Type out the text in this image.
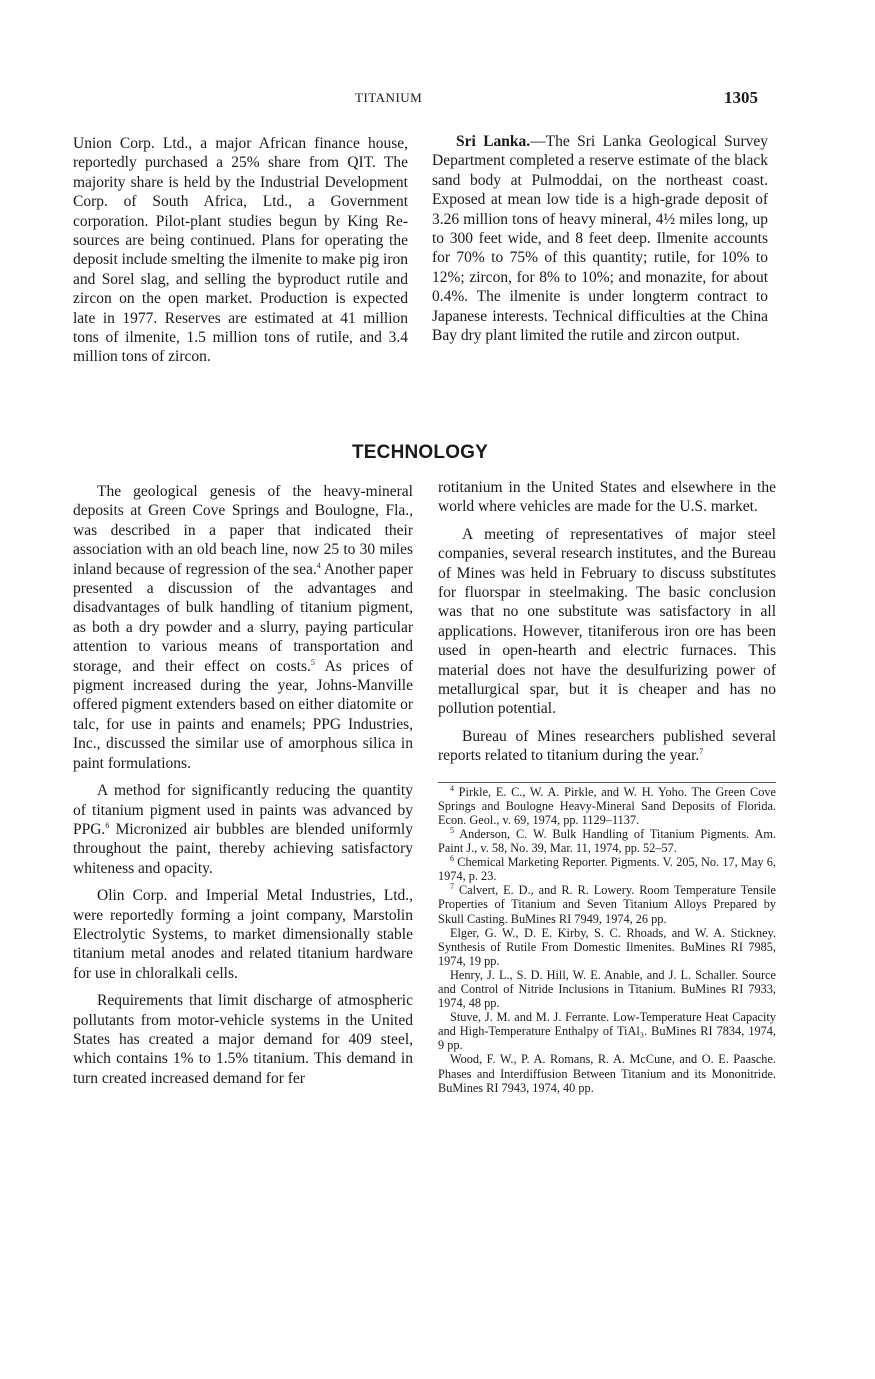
TITANIUM	1305

Union Corp. Ltd., a major African finance house, reportedly purchased a 25% share from QIT. The majority share is held by the Industrial Development Corp. of South Africa, Ltd., a Government corporation. Pilot-plant studies begun by King Resources are being continued. Plans for operating the deposit include smelting the ilmenite to make pig iron and Sorel slag, and selling the byproduct rutile and zircon on the open market. Production is expected late in 1977. Reserves are estimated at 41 million tons of ilmenite, 1.5 million tons of rutile, and 3.4 million tons of zircon.

Sri Lanka.—The Sri Lanka Geological Survey Department completed a reserve estimate of the black sand body at Pulmoddai, on the northeast coast. Exposed at mean low tide is a high-grade deposit of 3.26 million tons of heavy mineral, 4½ miles long, up to 300 feet wide, and 8 feet deep. Ilmenite accounts for 70% to 75% of this quantity; rutile, for 10% to 12%; zircon, for 8% to 10%; and monazite, for about 0.4%. The ilmenite is under longterm contract to Japanese interests. Technical difficulties at the China Bay dry plant limited the rutile and zircon output.

TECHNOLOGY

The geological genesis of the heavy-mineral deposits at Green Cove Springs and Boulogne, Fla., was described in a paper that indicated their association with an old beach line, now 25 to 30 miles inland because of regression of the sea.$^4$ Another paper presented a discussion of the advantages and disadvantages of bulk handling of titanium pigment, as both a dry powder and a slurry, paying particular attention to various means of transportation and storage, and their effect on costs.$^5$ As prices of pigment increased during the year, Johns-Manville offered pigment extenders based on either diatomite or talc, for use in paints and enamels; PPG Industries, Inc., discussed the similar use of amorphous silica in paint formulations.

A method for significantly reducing the quantity of titanium pigment used in paints was advanced by PPG.$^6$ Micronized air bubbles are blended uniformly throughout the paint, thereby achieving satisfactory whiteness and opacity.

Olin Corp. and Imperial Metal Industries, Ltd., were reportedly forming a joint company, Marstolin Electrolytic Systems, to market dimensionally stable titanium metal anodes and related titanium hardware for use in chloralkali cells.

Requirements that limit discharge of atmospheric pollutants from motor-vehicle systems in the United States has created a major demand for 409 steel, which contains 1% to 1.5% titanium. This demand in turn created increased demand for fer

rotitanium in the United States and elsewhere in the world where vehicles are made for the U.S. market.

A meeting of representatives of major steel companies, several research institutes, and the Bureau of Mines was held in February to discuss substitutes for fluorspar in steelmaking. The basic conclusion was that no one substitute was satisfactory in all applications. However, titaniferous iron ore has been used in open-hearth and electric furnaces. This material does not have the desulfurizing power of metallurgical spar, but it is cheaper and has no pollution potential.

Bureau of Mines researchers published several reports related to titanium during the year.$^7$

$^4$ Pirkle, E. C., W. A. Pirkle, and W. H. Yoho. The Green Cove Springs and Boulogne Heavy-Mineral Sand Deposits of Florida. Econ. Geol., v. 69, 1974, pp. 1129–1137.

$^5$ Anderson, C. W. Bulk Handling of Titanium Pigments. Am. Paint J., v. 58, No. 39, Mar. 11, 1974, pp. 52–57.

$^6$ Chemical Marketing Reporter. Pigments. V. 205, No. 17, May 6, 1974, p. 23.

$^7$ Calvert, E. D., and R. R. Lowery. Room Temperature Tensile Properties of Titanium and Seven Titanium Alloys Prepared by Skull Casting. BuMines RI 7949, 1974, 26 pp.

Elger, G. W., D. E. Kirby, S. C. Rhoads, and W. A. Stickney. Synthesis of Rutile From Domestic Ilmenites. BuMines RI 7985, 1974, 19 pp.

Henry, J. L., S. D. Hill, W. E. Anable, and J. L. Schaller. Source and Control of Nitride Inclusions in Titanium. BuMines RI 7933, 1974, 48 pp.

Stuve, J. M. and M. J. Ferrante. Low-Temperature Heat Capacity and High-Temperature Enthalpy of TiAl₃. BuMines RI 7834, 1974, 9 pp.

Wood, F. W., P. A. Romans, R. A. McCune, and O. E. Paasche. Phases and Interdiffusion Between Titanium and its Mononitride. BuMines RI 7943, 1974, 40 pp.
